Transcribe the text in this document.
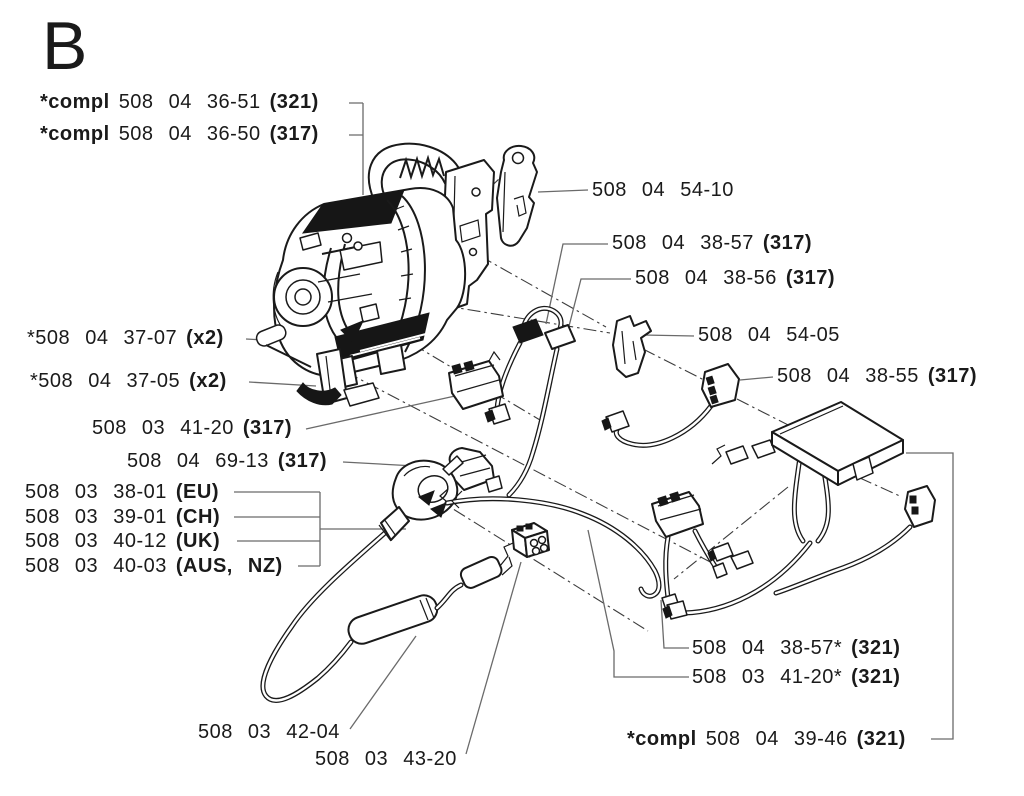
B
*compl 508 04 36-51 (321)
*compl 508 04 36-50 (317)
508 04 54-10
508 04 38-57 (317)
508 04 38-56 (317)
508 04 54-05
508 04 38-55 (317)
*508 04 37-07 (x2)
*508 04 37-05 (x2)
508 03 41-20 (317)
508 04 69-13 (317)
508 03 38-01 (EU)
508 03 39-01 (CH)
508 03 40-12 (UK)
508 03 40-03 (AUS, NZ)
508 03 42-04
508 03 43-20
508 04 38-57* (321)
508 03 41-20* (321)
*compl 508 04 39-46 (321)
